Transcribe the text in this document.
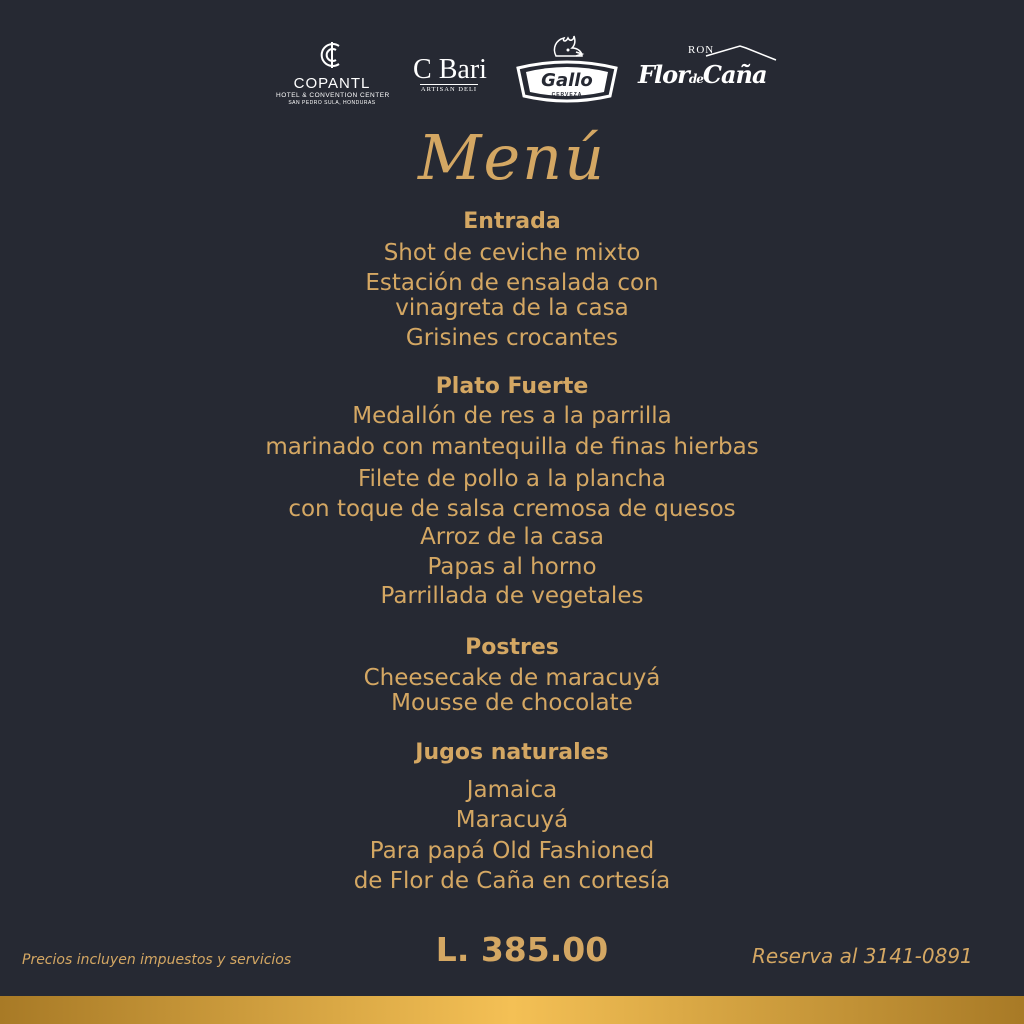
COPANTL
HOTEL & CONVENTION CENTER
SAN PEDRO SULA, HONDURAS
C Bari
ARTISAN DELI	Gallo
CERVEZA
RON
FlordeCaña
Menú
Entrada
Shot de ceviche mixto
Estación de ensalada con
vinagreta de la casa
Grisines crocantes
Plato Fuerte
Medallón de res a la parrilla
marinado con mantequilla de finas hierbas
Filete de pollo a la plancha
con toque de salsa cremosa de quesos
Arroz de la casa
Papas al horno
Parrillada de vegetales
Postres
Cheesecake de maracuyá
Mousse de chocolate
Jugos naturales
Jamaica
Maracuyá
Para papá Old Fashioned
de Flor de Caña en cortesía
Precios incluyen impuestos y servicios	L. 385.00	Reserva al 3141-0891
